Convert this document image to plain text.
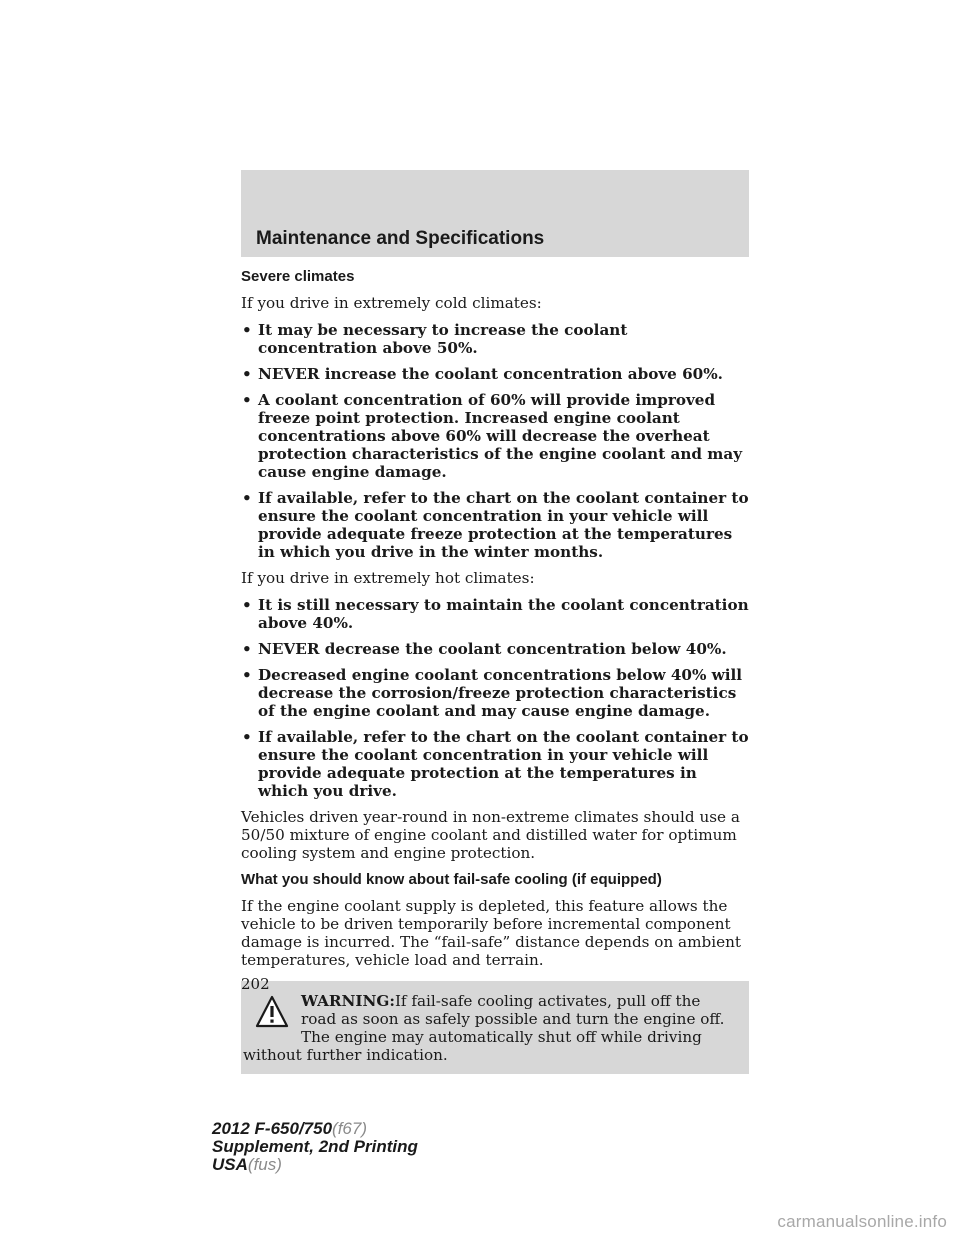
Maintenance and Specifications

Severe climates

If you drive in extremely cold climates:

• It may be necessary to increase the coolant concentration above 50%.
• NEVER increase the coolant concentration above 60%.
• A coolant concentration of 60% will provide improved freeze point protection. Increased engine coolant concentrations above 60% will decrease the overheat protection characteristics of the engine coolant and may cause engine damage.
• If available, refer to the chart on the coolant container to ensure the coolant concentration in your vehicle will provide adequate freeze protection at the temperatures in which you drive in the winter months.

If you drive in extremely hot climates:

• It is still necessary to maintain the coolant concentration above 40%.
• NEVER decrease the coolant concentration below 40%.
• Decreased engine coolant concentrations below 40% will decrease the corrosion/freeze protection characteristics of the engine coolant and may cause engine damage.
• If available, refer to the chart on the coolant container to ensure the coolant concentration in your vehicle will provide adequate protection at the temperatures in which you drive.

Vehicles driven year-round in non-extreme climates should use a 50/50 mixture of engine coolant and distilled water for optimum cooling system and engine protection.

What you should know about fail-safe cooling (if equipped)

If the engine coolant supply is depleted, this feature allows the vehicle to be driven temporarily before incremental component damage is incurred. The “fail-safe” distance depends on ambient temperatures, vehicle load and terrain.

WARNING:If fail-safe cooling activates, pull off the road as soon as safely possible and turn the engine off. The engine may automatically shut off while driving without further indication.
202
2012 F-650/750(f67)
Supplement, 2nd Printing
USA(fus)
carmanualsonline.info
